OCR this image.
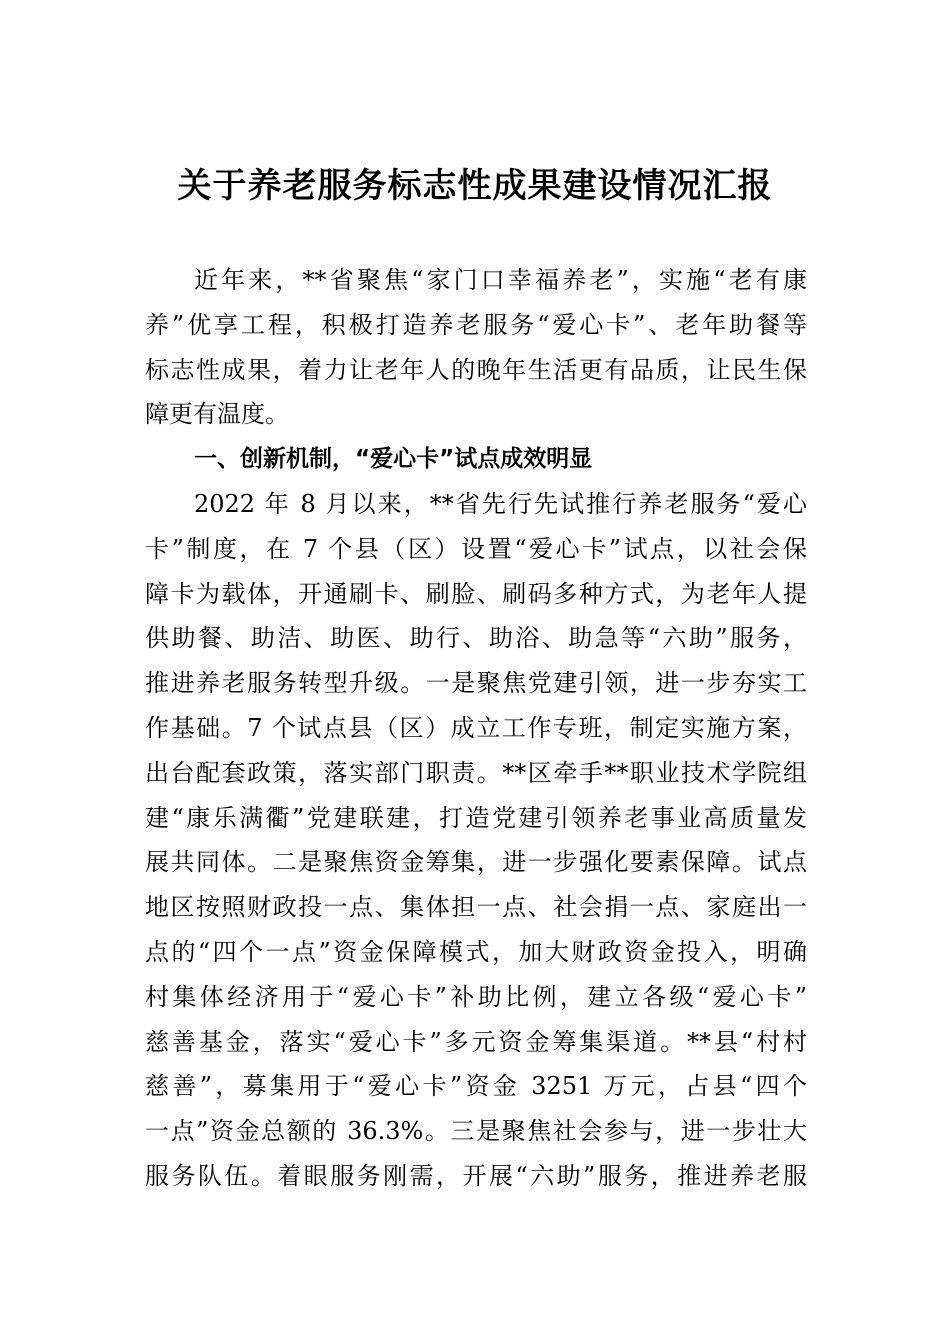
关于养老服务标志性成果建设情况汇报
近年来，**省聚焦“家门口幸福养老”，实施“老有康
养”优享工程，积极打造养老服务“爱心卡”、老年助餐等
标志性成果，着力让老年人的晚年生活更有品质，让民生保
障更有温度。
一、创新机制，“爱心卡”试点成效明显
2022 年 8 月以来，**省先行先试推行养老服务“爱心
卡”制度，在 7 个县（区）设置“爱心卡”试点，以社会保
障卡为载体，开通刷卡、刷脸、刷码多种方式，为老年人提
供助餐、助洁、助医、助行、助浴、助急等“六助”服务，
推进养老服务转型升级。一是聚焦党建引领，进一步夯实工
作基础。7 个试点县（区）成立工作专班，制定实施方案，
出台配套政策，落实部门职责。**区牵手**职业技术学院组
建“康乐满衢”党建联建，打造党建引领养老事业高质量发
展共同体。二是聚焦资金筹集，进一步强化要素保障。试点
地区按照财政投一点、集体担一点、社会捐一点、家庭出一
点的“四个一点”资金保障模式，加大财政资金投入，明确
村集体经济用于“爱心卡”补助比例，建立各级“爱心卡”
慈善基金，落实“爱心卡”多元资金筹集渠道。**县“村村
慈善”，募集用于“爱心卡”资金 3251 万元，占县“四个
一点”资金总额的 36.3%。三是聚焦社会参与，进一步壮大
服务队伍。着眼服务刚需，开展“六助”服务，推进养老服
